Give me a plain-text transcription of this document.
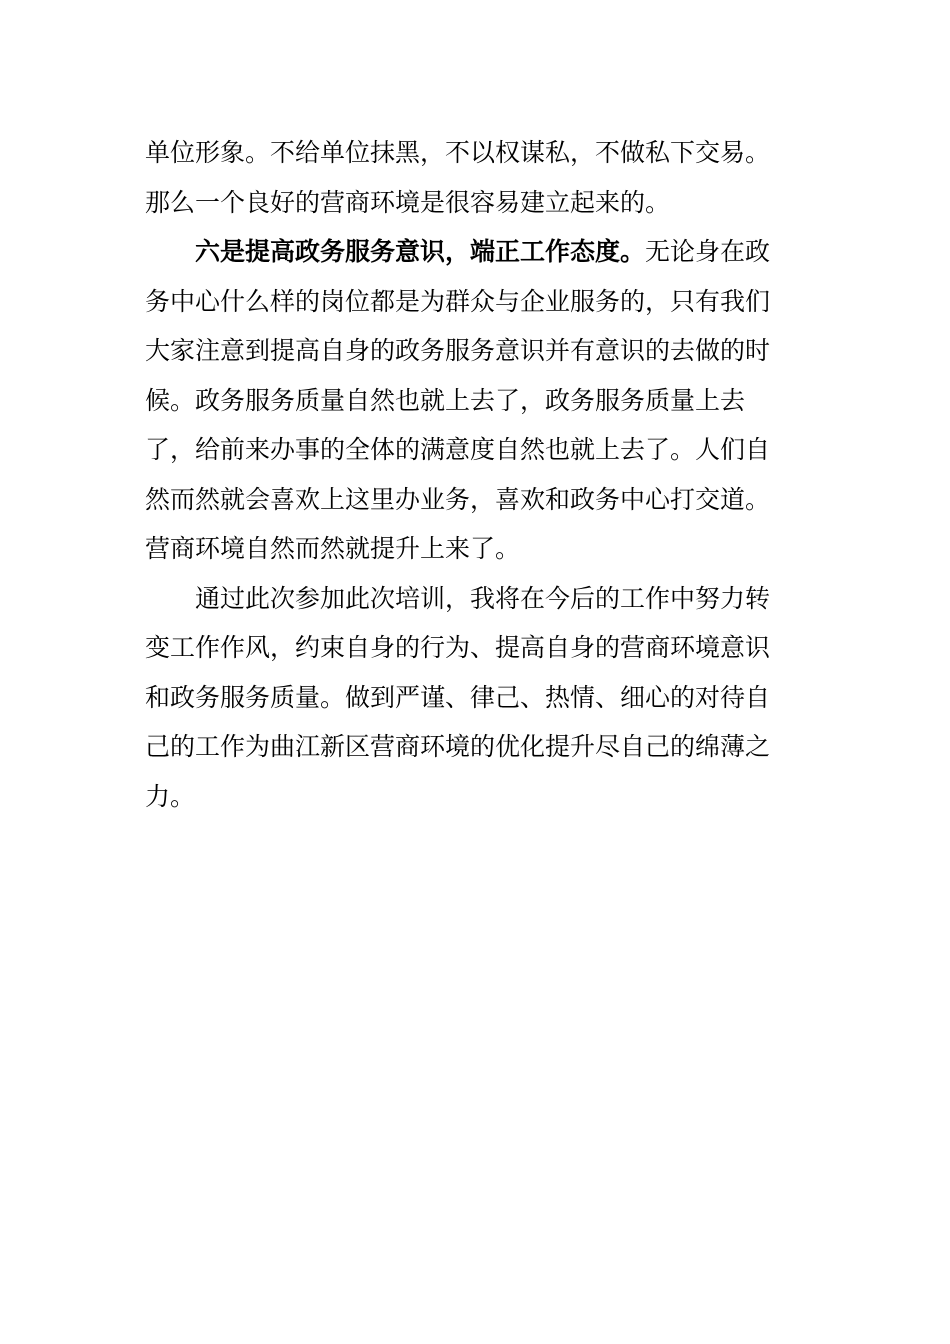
单位形象。不给单位抹黑，不以权谋私，不做私下交易。
那么一个良好的营商环境是很容易建立起来的。
六是提高政务服务意识，端正工作态度。无论身在政
务中心什么样的岗位都是为群众与企业服务的，只有我们
大家注意到提高自身的政务服务意识并有意识的去做的时
候。政务服务质量自然也就上去了，政务服务质量上去
了，给前来办事的全体的满意度自然也就上去了。人们自
然而然就会喜欢上这里办业务，喜欢和政务中心打交道。
营商环境自然而然就提升上来了。
通过此次参加此次培训，我将在今后的工作中努力转
变工作作风，约束自身的行为、提高自身的营商环境意识
和政务服务质量。做到严谨、律己、热情、细心的对待自
己的工作为曲江新区营商环境的优化提升尽自己的绵薄之
力。
